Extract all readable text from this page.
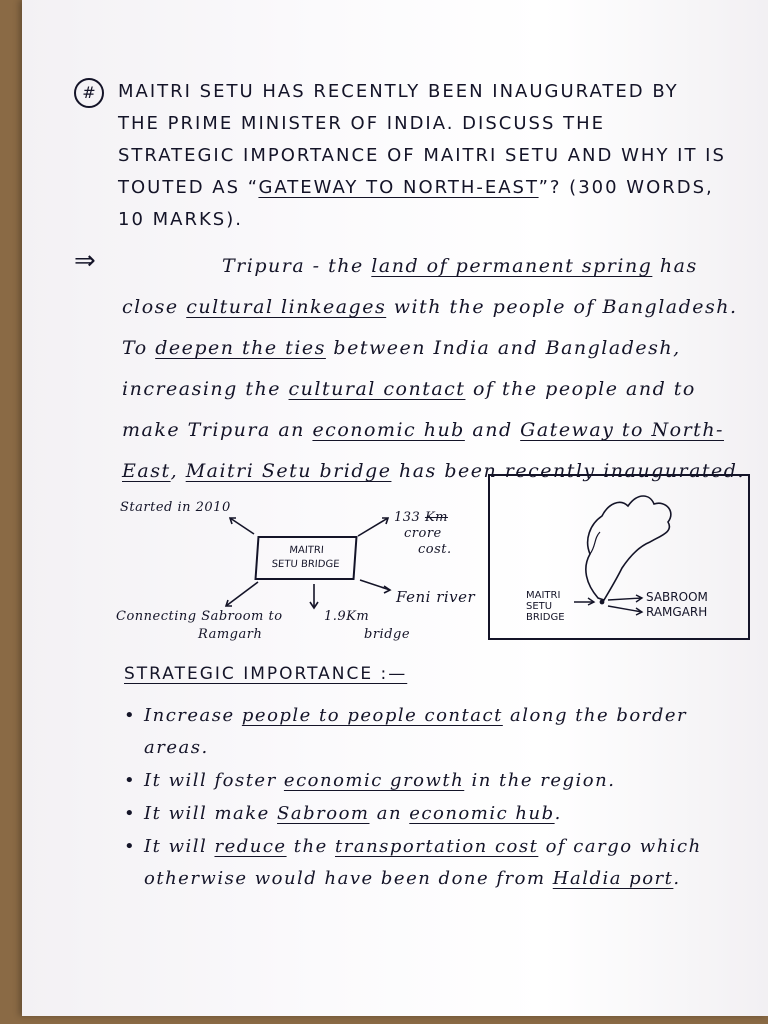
#	MAITRI SETU HAS RECENTLY BEEN INAUGURATED BY THE PRIME MINISTER OF INDIA. DISCUSS THE STRATEGIC IMPORTANCE OF MAITRI SETU AND WHY IT IS TOUTED AS “GATEWAY TO NORTH-EAST”? (300 WORDS, 10 MARKS).
⇒	Tripura - the land of permanent spring has close cultural linkeages with the people of Bangladesh. To deepen the ties between India and Bangladesh, increasing the cultural contact of the people and to make Tripura an economic hub and Gateway to North-East, Maitri Setu bridge has been recently inaugurated.
Started in 2010
MAITRI
SETU BRIDGE
133 Km
crore
cost.
Feni river
Connecting Sabroom to
Ramgarh
1.9Km
bridge
MAITRI
SETU
BRIDGE
SABROOM
RAMGARH
STRATEGIC IMPORTANCE :—
• Increase people to people contact along the border areas.
• It will foster economic growth in the region.
• It will make Sabroom an economic hub.
• It will reduce the transportation cost of cargo which otherwise would have been done from Haldia port.
